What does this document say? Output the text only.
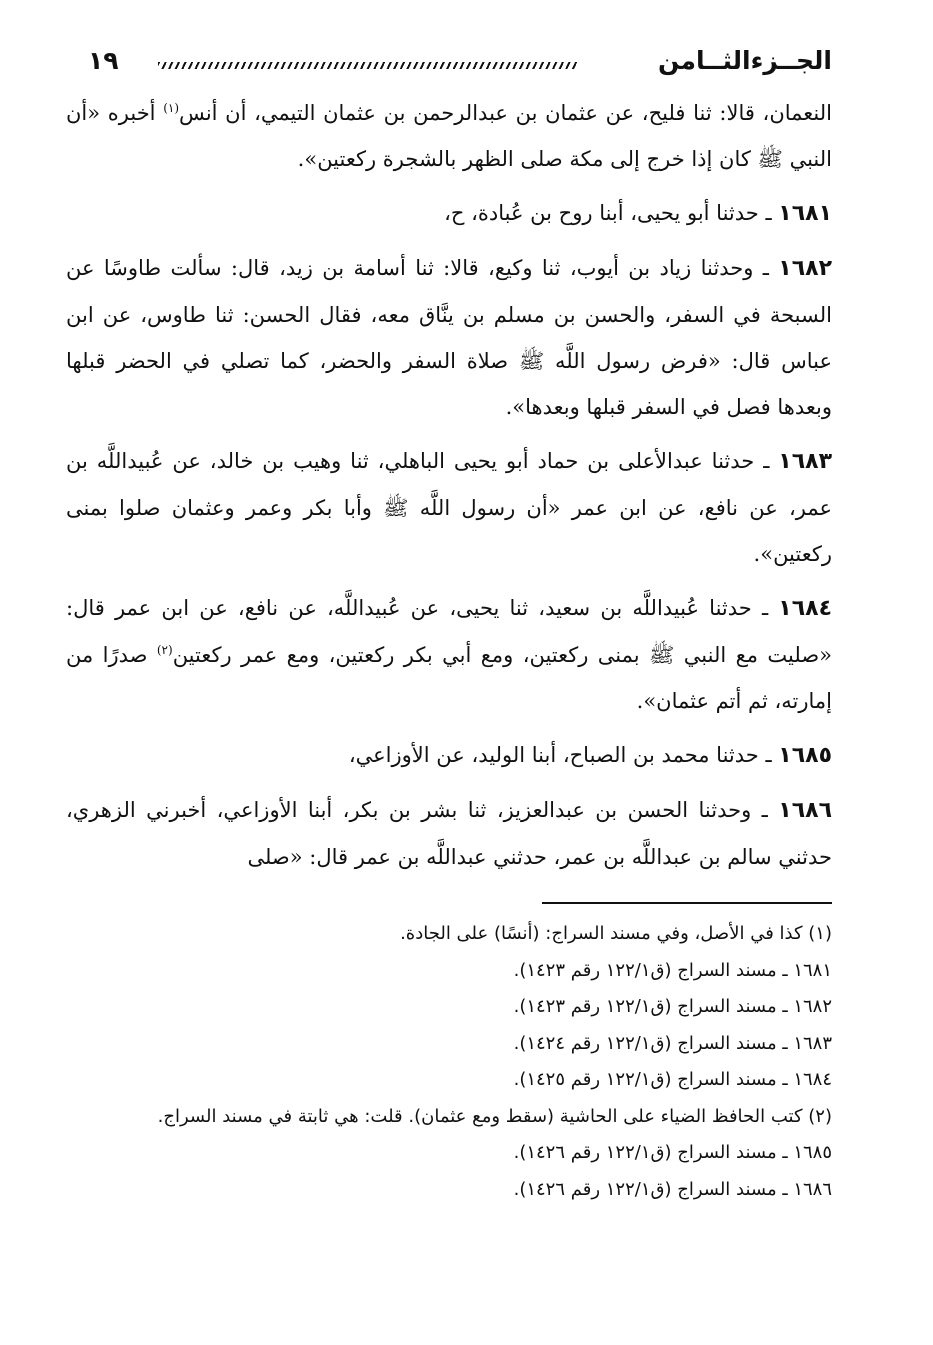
الجــزءالثــامن
١٩

النعمان، قالا: ثنا فليح، عن عثمان بن عبدالرحمن بن عثمان التيمي، أن أنس$^{(١)}$ أخبره «أن النبي ﷺ كان إذا خرج إلى مكة صلى الظهر بالشجرة ركعتين».

١٦٨١ ـ حدثنا أبو يحيى، أبنا روح بن عُبادة، ح،

١٦٨٢ ـ وحدثنا زياد بن أيوب، ثنا وكيع، قالا: ثنا أسامة بن زيد، قال: سألت طاوسًا عن السبحة في السفر، والحسن بن مسلم بن ينَّاق معه، فقال الحسن: ثنا طاوس، عن ابن عباس قال: «فرض رسول اللَّه ﷺ صلاة السفر والحضر، كما تصلي في الحضر قبلها وبعدها فصل في السفر قبلها وبعدها».

١٦٨٣ ـ حدثنا عبدالأعلى بن حماد أبو يحيى الباهلي، ثنا وهيب بن خالد، عن عُبيداللَّه بن عمر، عن نافع، عن ابن عمر «أن رسول اللَّه ﷺ وأبا بكر وعمر وعثمان صلوا بمنى ركعتين».

١٦٨٤ ـ حدثنا عُبيداللَّه بن سعيد، ثنا يحيى، عن عُبيداللَّه، عن نافع، عن ابن عمر قال: «صليت مع النبي ﷺ بمنى ركعتين، ومع أبي بكر ركعتين، ومع عمر ركعتين$^{(٢)}$ صدرًا من إمارته، ثم أتم عثمان».

١٦٨٥ ـ حدثنا محمد بن الصباح، أبنا الوليد، عن الأوزاعي،

١٦٨٦ ـ وحدثنا الحسن بن عبدالعزيز، ثنا بشر بن بكر، أبنا الأوزاعي، أخبرني الزهري، حدثني سالم بن عبداللَّه بن عمر، حدثني عبداللَّه بن عمر قال: «صلى

(١) كذا في الأصل، وفي مسند السراج: (أنسًا) على الجادة.
١٦٨١ ـ مسند السراج (ق١٢٢/١ رقم ١٤٢٣).
١٦٨٢ ـ مسند السراج (ق١٢٢/١ رقم ١٤٢٣).
١٦٨٣ ـ مسند السراج (ق١٢٢/١ رقم ١٤٢٤).
١٦٨٤ ـ مسند السراج (ق١٢٢/١ رقم ١٤٢٥).
(٢) كتب الحافظ الضياء على الحاشية (سقط ومع عثمان). قلت: هي ثابتة في مسند السراج.
١٦٨٥ ـ مسند السراج (ق١٢٢/١ رقم ١٤٢٦).
١٦٨٦ ـ مسند السراج (ق١٢٢/١ رقم ١٤٢٦).
